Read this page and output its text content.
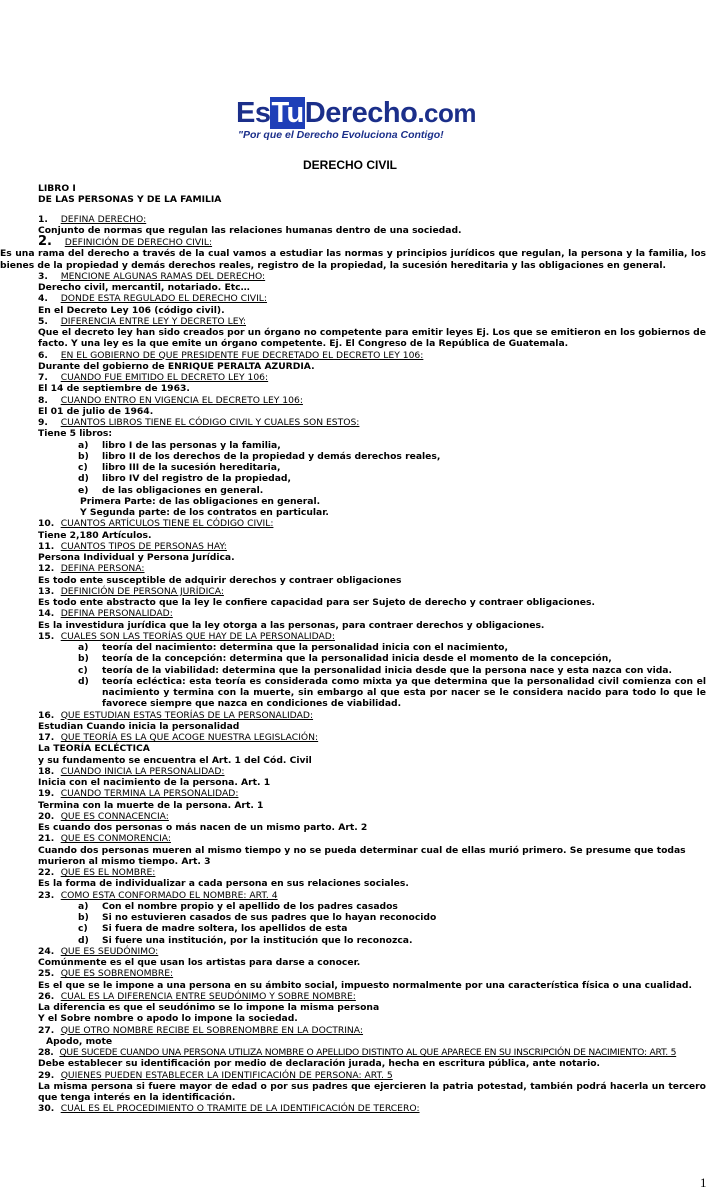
EsTuDerecho.com
"Por que el Derecho Evoluciona Contigo!
DERECHO CIVIL

LIBRO I

DE LAS PERSONAS Y DE LA FAMILIA

1. DEFINA DERECHO:

Conjunto de normas que regulan las relaciones humanas dentro de una sociedad.

2. DEFINICIÓN DE DERECHO CIVIL:

Es una rama del derecho a través de la cual vamos a estudiar las normas y principios jurídicos que regulan, la persona y la familia, los bienes de la propiedad y demás derechos reales, registro de la propiedad, la sucesión hereditaria y las obligaciones en general.

3. MENCIONE ALGUNAS RAMAS DEL DERECHO:

Derecho civil, mercantil, notariado. Etc…

4. DONDE ESTA REGULADO EL DERECHO CIVIL:

En el Decreto Ley 106 (código civil).

5. DIFERENCIA ENTRE LEY Y DECRETO LEY:

Que el decreto ley han sido creados por un órgano no competente para emitir leyes Ej. Los que se emitieron en los gobiernos de facto. Y una ley es la que emite un órgano competente. Ej. El Congreso de la República de Guatemala.

6. EN EL GOBIERNO DE QUE PRESIDENTE FUE DECRETADO EL DECRETO LEY 106:

Durante del gobierno de ENRIQUE PERALTA AZURDIA.

7. CUANDO FUE EMITIDO EL DECRETO LEY 106:

El 14 de septiembre de 1963.

8. CUANDO ENTRO EN VIGENCIA EL DECRETO LEY 106:

El 01 de julio de 1964.

9. CUANTOS LIBROS TIENE EL CÓDIGO CIVIL Y CUALES SON ESTOS:

Tiene 5 libros:

a)	libro I de las personas y la familia,
b)	libro II de los derechos de la propiedad y demás derechos reales,
c)	libro III de la sucesión hereditaria,
d)	libro IV del registro de la propiedad,
e)	de las obligaciones en general.

Primera Parte: de las obligaciones en general.

Y Segunda parte: de los contratos en particular.

10. CUANTOS ARTÍCULOS TIENE EL CÓDIGO CIVIL:

Tiene 2,180 Artículos.

11. CUANTOS TIPOS DE PERSONAS HAY:

Persona Individual y Persona Jurídica.

12. DEFINA PERSONA:

Es todo ente susceptible de adquirir derechos y contraer obligaciones

13. DEFINICIÓN DE PERSONA JURÍDICA:

Es todo ente abstracto que la ley le confiere capacidad para ser Sujeto de derecho y contraer obligaciones.

14. DEFINA PERSONALIDAD:

Es la investidura jurídica que la ley otorga a las personas, para contraer derechos y obligaciones.

15. CUALES SON LAS TEORÍAS QUE HAY DE LA PERSONALIDAD:

a)	teoría del nacimiento: determina que la personalidad inicia con el nacimiento,
b)	teoría de la concepción: determina que la personalidad inicia desde el momento de la concepción,
c)	teoría de la viabilidad: determina que la personalidad inicia desde que la persona nace y esta nazca con vida.
d)	teoría ecléctica: esta teoría es considerada como mixta ya que determina que la personalidad civil comienza con el nacimiento y termina con la muerte, sin embargo al que esta por nacer se le considera nacido para todo lo que le favorece siempre que nazca en condiciones de viabilidad.

16. QUE ESTUDIAN ESTAS TEORÍAS DE LA PERSONALIDAD:

Estudian Cuando inicia la personalidad

17. QUE TEORÍA ES LA QUE ACOGE NUESTRA LEGISLACIÓN:

La TEORÍA ECLÉCTICA

y su fundamento se encuentra el Art. 1 del Cód. Civil

18. CUANDO INICIA LA PERSONALIDAD:

Inicia con el nacimiento de la persona. Art. 1

19. CUANDO TERMINA LA PERSONALIDAD:

Termina con la muerte de la persona. Art. 1

20. QUE ES CONNACENCIA:

Es cuando dos personas o más nacen de un mismo parto. Art. 2

21. QUE ES CONMORENCIA:

Cuando dos personas mueren al mismo tiempo y no se pueda determinar cual de ellas murió primero. Se presume que todas

murieron al mismo tiempo. Art. 3

22. QUE ES EL NOMBRE:

Es la forma de individualizar a cada persona en sus relaciones sociales.

23. COMO ESTA CONFORMADO EL NOMBRE: ART. 4

a)	Con el nombre propio y el apellido de los padres casados
b)	Si no estuvieren casados de sus padres que lo hayan reconocido
c)	Si fuera de madre soltera, los apellidos de esta
d)	Si fuere una institución, por la institución que lo reconozca.

24. QUE ES SEUDÓNIMO:

Comúnmente es el que usan los artistas para darse a conocer.

25. QUE ES SOBRENOMBRE:

Es el que se le impone a una persona en su ámbito social, impuesto normalmente por una característica física o una cualidad.

26. CUAL ES LA DIFERENCIA ENTRE SEUDÓNIMO Y SOBRE NOMBRE:

La diferencia es que el seudónimo se lo impone la misma persona

Y el Sobre nombre o apodo lo impone la sociedad.

27. QUE OTRO NOMBRE RECIBE EL SOBRENOMBRE EN LA DOCTRINA:

Apodo, mote

28. QUE SUCEDE CUANDO UNA PERSONA UTILIZA NOMBRE O APELLIDO DISTINTO AL QUE APARECE EN SU INSCRIPCIÓN DE NACIMIENTO: ART. 5

Debe establecer su identificación por medio de declaración jurada, hecha en escritura pública, ante notario.

29. QUIENES PUEDEN ESTABLECER LA IDENTIFICACIÓN DE PERSONA: ART. 5

La misma persona si fuere mayor de edad o por sus padres que ejercieren la patria potestad, también podrá hacerla un tercero que tenga interés en la identificación.

30. CUAL ES EL PROCEDIMIENTO O TRAMITE DE LA IDENTIFICACIÓN DE TERCERO:

1
